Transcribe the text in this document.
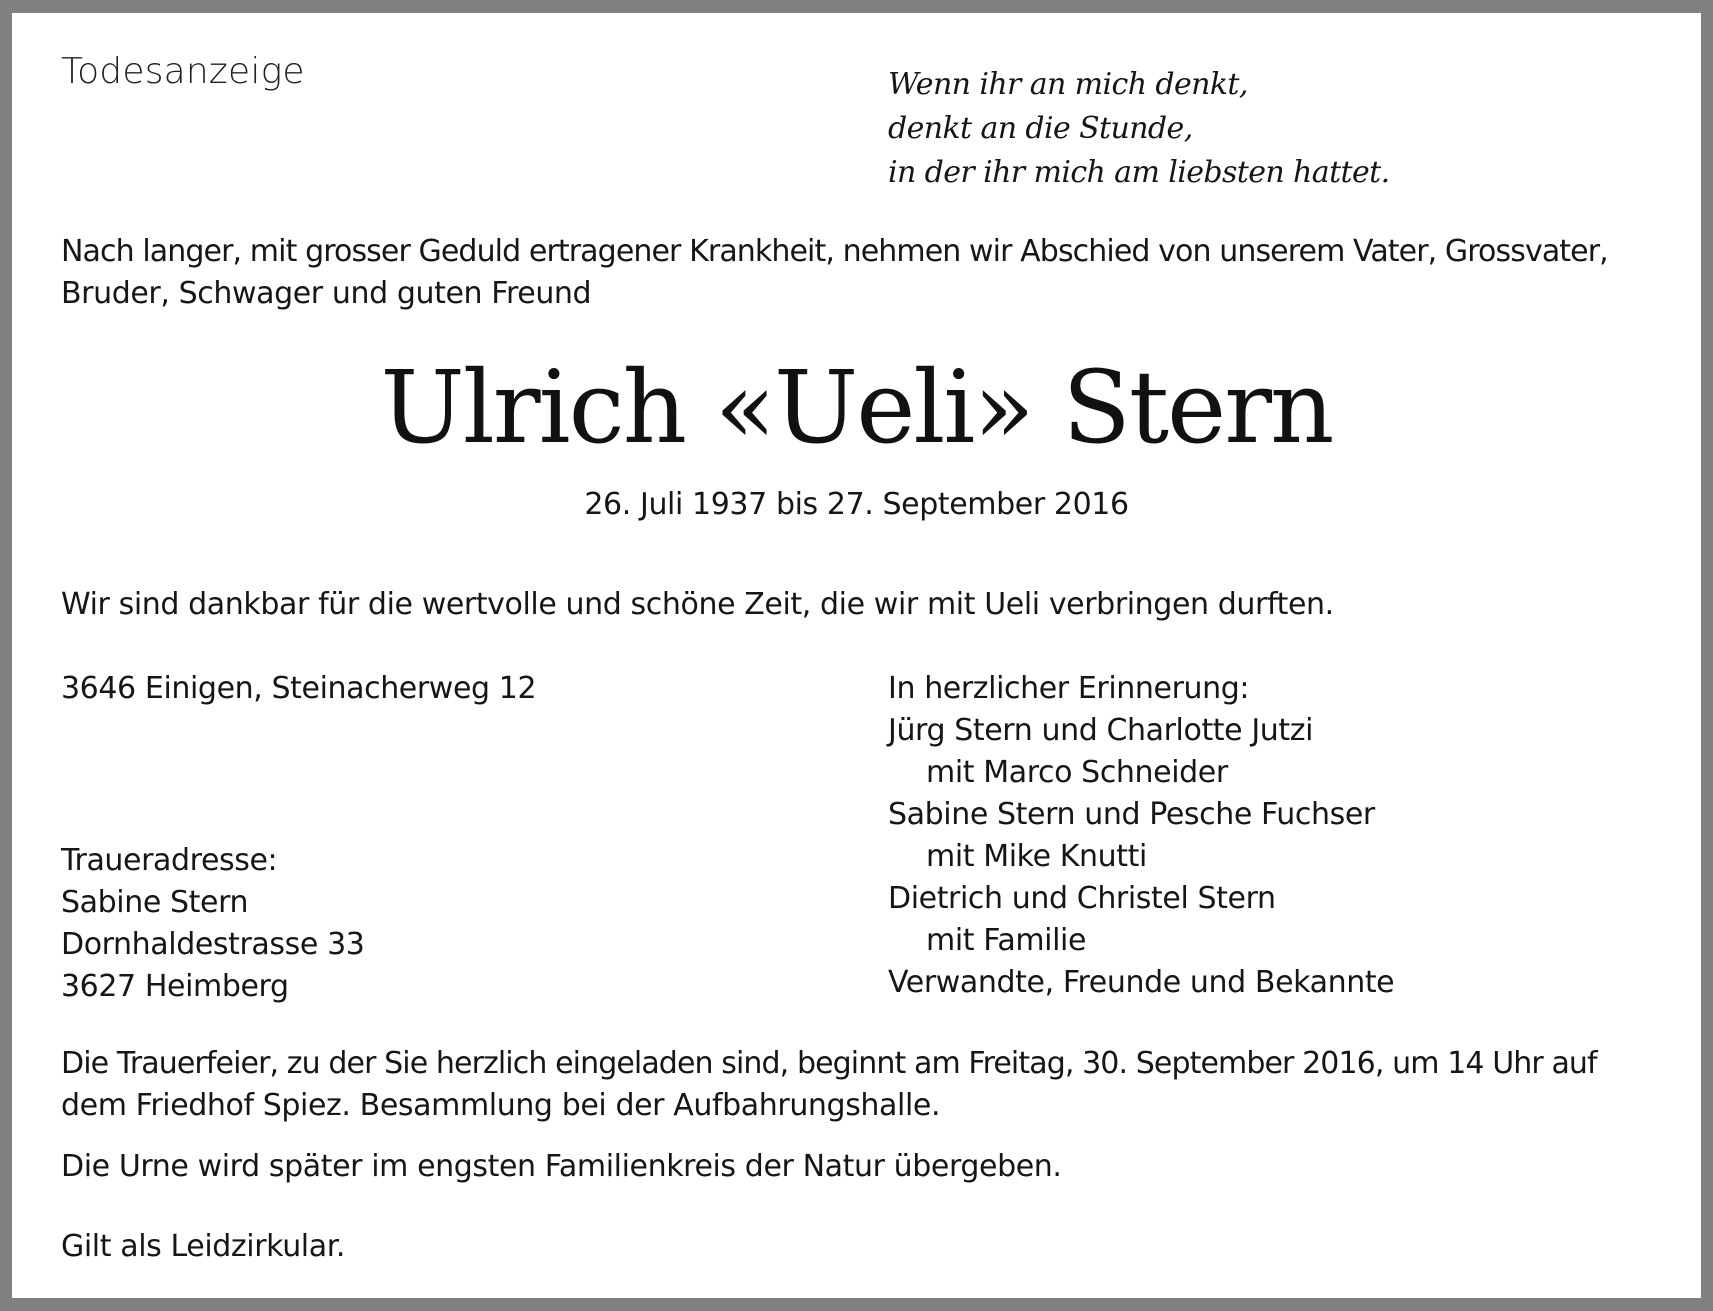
Todesanzeige	Wenn ihr an mich denkt,
denkt an die Stunde,
in der ihr mich am liebsten hattet.
Nach langer, mit grosser Geduld ertragener Krankheit, nehmen wir Abschied von unserem Vater, Grossvater,
Bruder, Schwager und guten Freund
Ulrich «Ueli» Stern
26. Juli 1937 bis 27. September 2016
Wir sind dankbar für die wertvolle und schöne Zeit, die wir mit Ueli verbringen durften.
3646 Einigen, Steinacherweg 12
Traueradresse:
Sabine Stern
Dornhaldestrasse 33
3627 Heimberg
In herzlicher Erinnerung:
Jürg Stern und Charlotte Jutzi
mit Marco Schneider
Sabine Stern und Pesche Fuchser
mit Mike Knutti
Dietrich und Christel Stern
mit Familie
Verwandte, Freunde und Bekannte
Die Trauerfeier, zu der Sie herzlich eingeladen sind, beginnt am Freitag, 30. September 2016, um 14 Uhr auf
dem Friedhof Spiez. Besammlung bei der Aufbahrungshalle.
Die Urne wird später im engsten Familienkreis der Natur übergeben.
Gilt als Leidzirkular.
